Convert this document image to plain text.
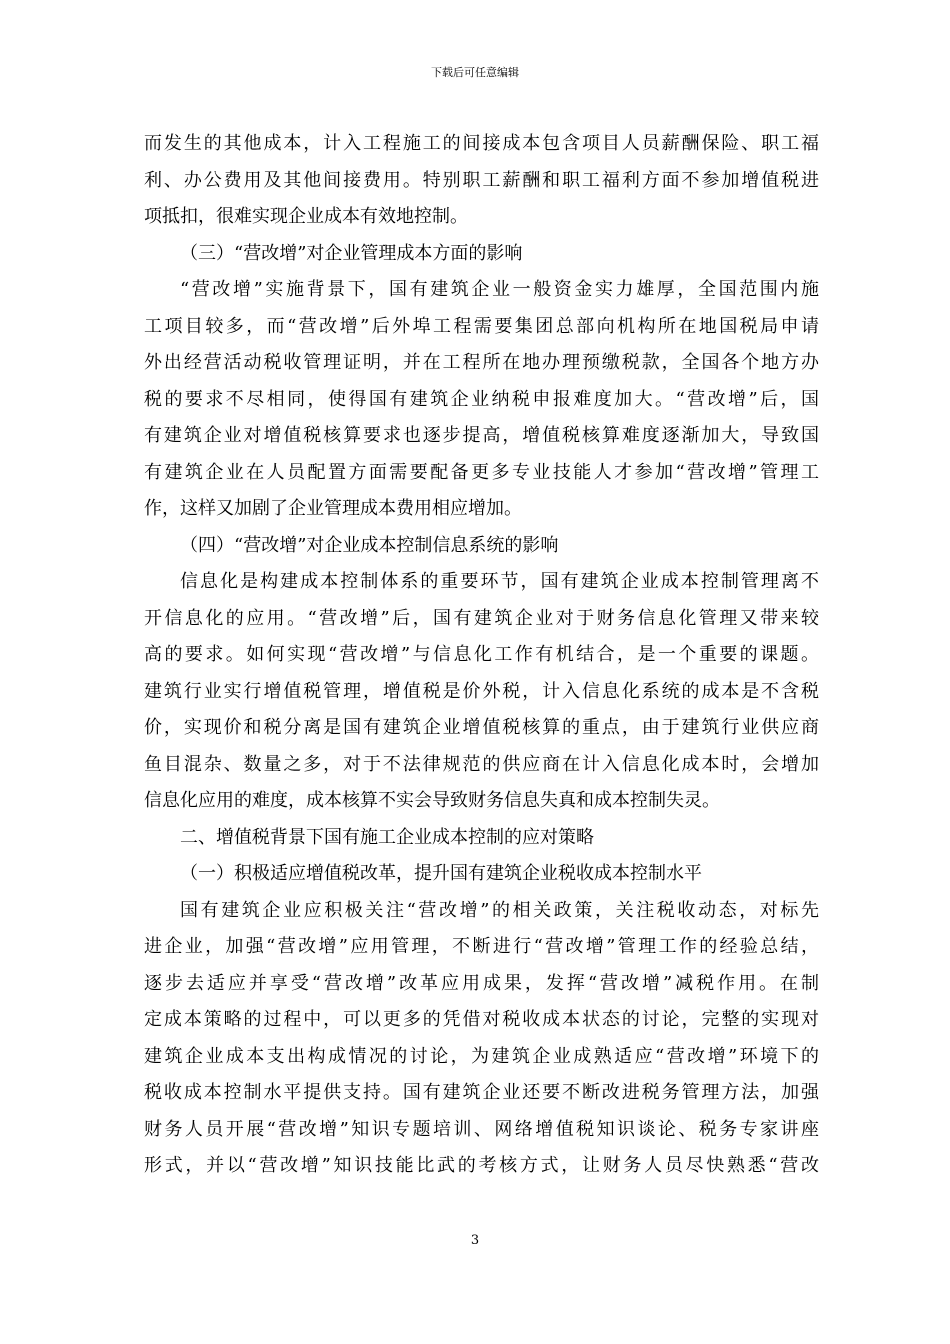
下载后可任意编辑
而发生的其他成本，计入工程施工的间接成本包含项目人员薪酬保险、职工福
利、办公费用及其他间接费用。特别职工薪酬和职工福利方面不参加增值税进
项抵扣，很难实现企业成本有效地控制。
（三）“营改增”对企业管理成本方面的影响
“营改增”实施背景下，国有建筑企业一般资金实力雄厚，全国范围内施
工项目较多，而“营改增”后外埠工程需要集团总部向机构所在地国税局申请
外出经营活动税收管理证明，并在工程所在地办理预缴税款，全国各个地方办
税的要求不尽相同，使得国有建筑企业纳税申报难度加大。“营改增”后，国
有建筑企业对增值税核算要求也逐步提高，增值税核算难度逐渐加大，导致国
有建筑企业在人员配置方面需要配备更多专业技能人才参加“营改增”管理工
作，这样又加剧了企业管理成本费用相应增加。
（四）“营改增”对企业成本控制信息系统的影响
信息化是构建成本控制体系的重要环节，国有建筑企业成本控制管理离不
开信息化的应用。“营改增”后，国有建筑企业对于财务信息化管理又带来较
高的要求。如何实现“营改增”与信息化工作有机结合，是一个重要的课题。
建筑行业实行增值税管理，增值税是价外税，计入信息化系统的成本是不含税
价，实现价和税分离是国有建筑企业增值税核算的重点，由于建筑行业供应商
鱼目混杂、数量之多，对于不法律规范的供应商在计入信息化成本时，会增加
信息化应用的难度，成本核算不实会导致财务信息失真和成本控制失灵。
二、增值税背景下国有施工企业成本控制的应对策略
（一）积极适应增值税改革，提升国有建筑企业税收成本控制水平
国有建筑企业应积极关注“营改增”的相关政策，关注税收动态，对标先
进企业，加强“营改增”应用管理，不断进行“营改增”管理工作的经验总结，
逐步去适应并享受“营改增”改革应用成果，发挥“营改增”减税作用。在制
定成本策略的过程中，可以更多的凭借对税收成本状态的讨论，完整的实现对
建筑企业成本支出构成情况的讨论，为建筑企业成熟适应“营改增”环境下的
税收成本控制水平提供支持。国有建筑企业还要不断改进税务管理方法，加强
财务人员开展“营改增”知识专题培训、网络增值税知识谈论、税务专家讲座
形式，并以“营改增”知识技能比武的考核方式，让财务人员尽快熟悉“营改
3
